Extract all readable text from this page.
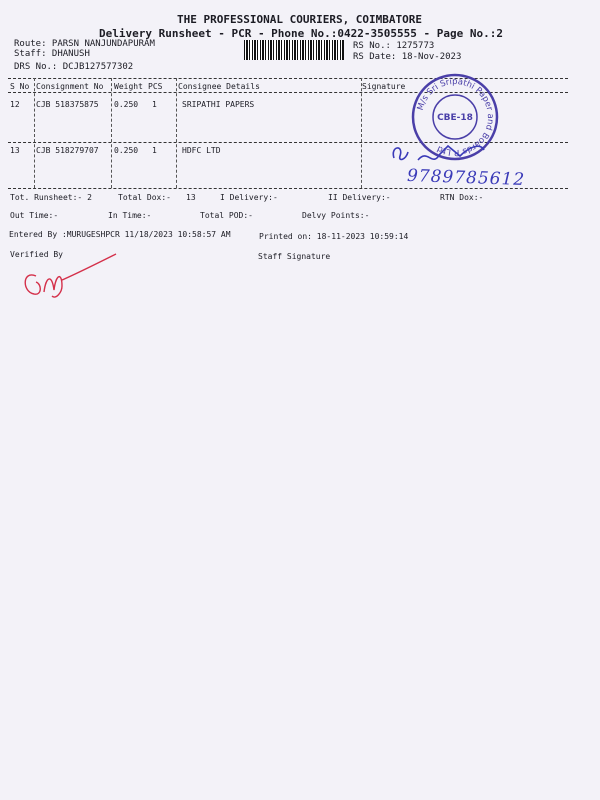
THE PROFESSIONAL COURIERS, COIMBATORE
Delivery Runsheet - PCR - Phone No.:0422-3505555 - Page No.:2
Route: PARSN NANJUNDAPURAM
Staff: DHANUSH
DRS No.: DCJB127577302
RS No.: 1275773
RS Date: 18-Nov-2023
S No Consignment No Weight PCS Consignee Details	Signature
12 CJB 518375875 0.250 1	SRIPATHI PAPERS
13 CJB 518279707 0.250 1	HDFC LTD
Tot. Runsheet:- 2	Total Dox:- 13	I Delivery:-	II Delivery:-	RTN Dox:-
Out Time:-	In Time:-	Total POD:-	Delvy Points:-
Entered By :MURUGESHPCR 11/18/2023 10:58:57 AM	Printed on: 18-11-2023 10:59:14
Verified By	Staff Signature
M/s Sri Sripathi Paper and Boards P Ltd
CBE-18
9789785612
